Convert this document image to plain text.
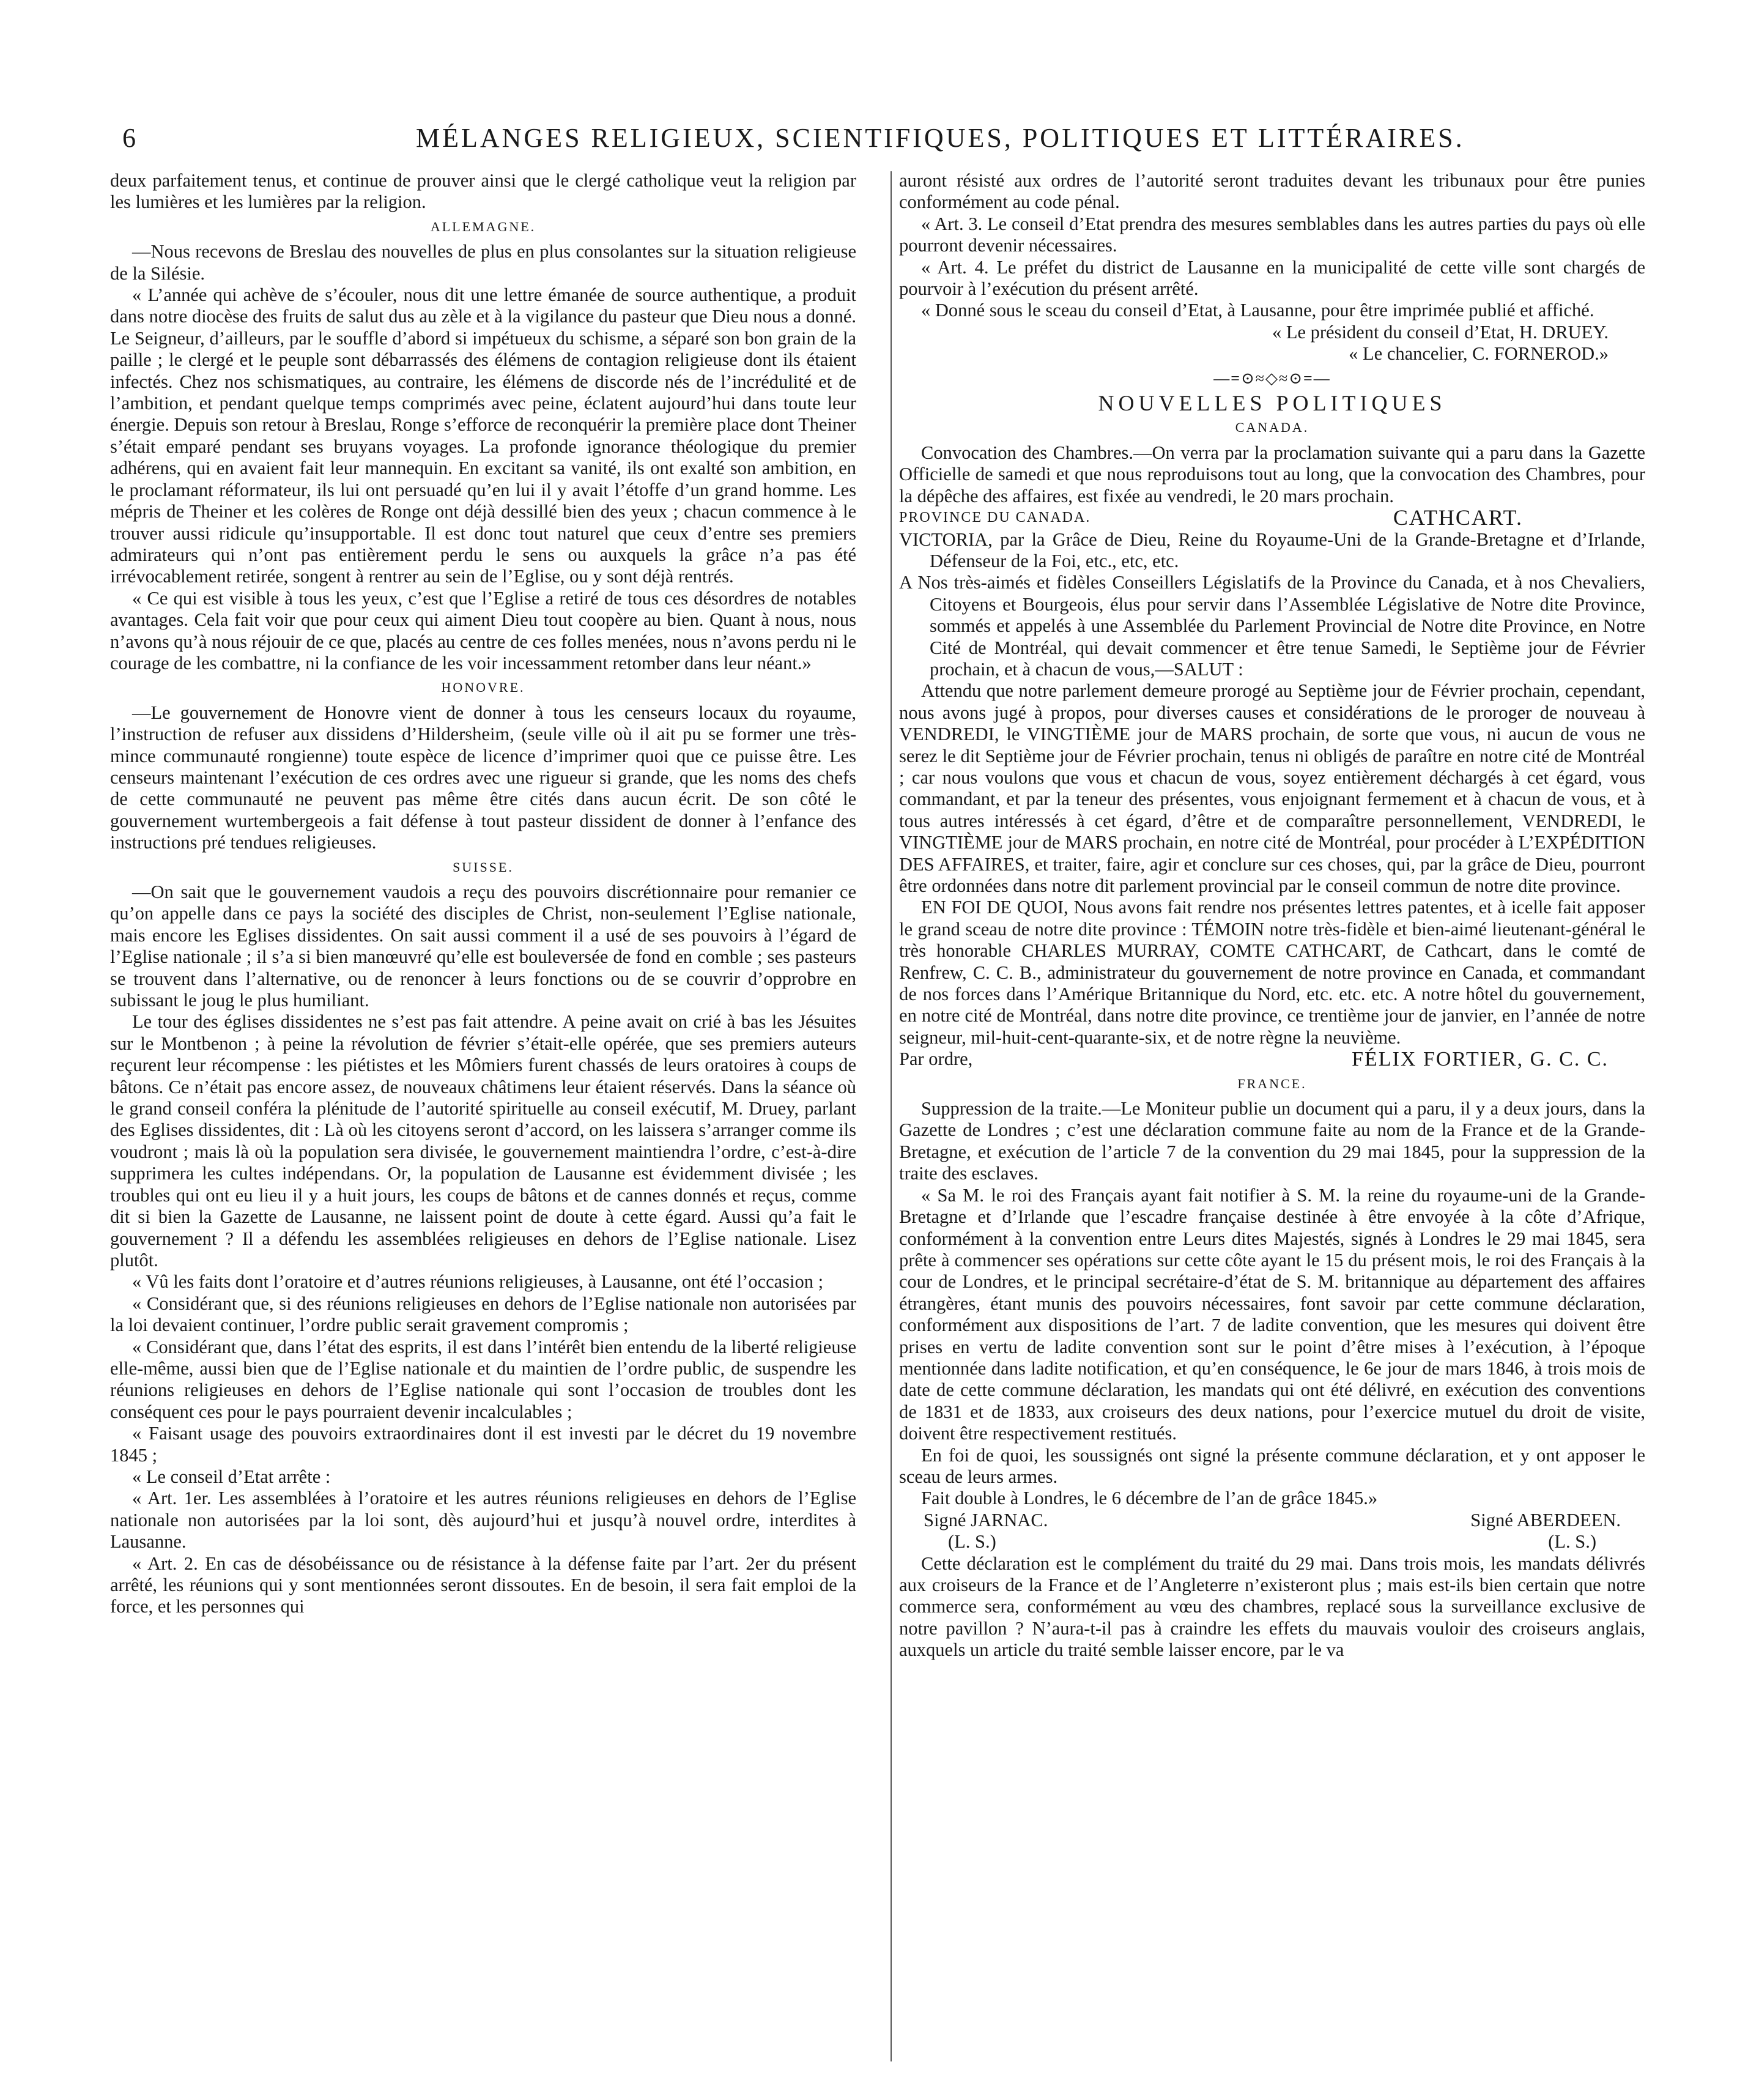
6	MÉLANGES RELIGIEUX, SCIENTIFIQUES, POLITIQUES ET LITTÉRAIRES.

deux parfaitement tenus, et continue de prouver ainsi que le clergé catholique veut la religion par les lumières et les lumières par la religion.

ALLEMAGNE.

—Nous recevons de Breslau des nouvelles de plus en plus consolantes sur la situation religieuse de la Silésie.

« L’année qui achève de s’écouler, nous dit une lettre émanée de source authentique, a produit dans notre diocèse des fruits de salut dus au zèle et à la vigilance du pasteur que Dieu nous a donné. Le Seigneur, d’ailleurs, par le souffle d’abord si impétueux du schisme, a séparé son bon grain de la paille ; le clergé et le peuple sont débarrassés des élémens de contagion religieuse dont ils étaient infectés. Chez nos schismatiques, au contraire, les élémens de discorde nés de l’incrédulité et de l’ambition, et pendant quelque temps comprimés avec peine, éclatent aujourd’hui dans toute leur énergie. Depuis son retour à Breslau, Ronge s’efforce de reconquérir la première place dont Theiner s’était emparé pendant ses bruyans voyages. La profonde ignorance théologique du premier adhérens, qui en avaient fait leur mannequin. En excitant sa vanité, ils ont exalté son ambition, en le proclamant réformateur, ils lui ont persuadé qu’en lui il y avait l’étoffe d’un grand homme. Les mépris de Theiner et les colères de Ronge ont déjà dessillé bien des yeux ; chacun commence à le trouver aussi ridicule qu’insupportable. Il est donc tout naturel que ceux d’entre ses premiers admirateurs qui n’ont pas entièrement perdu le sens ou auxquels la grâce n’a pas été irrévocablement retirée, songent à rentrer au sein de l’Eglise, ou y sont déjà rentrés.

« Ce qui est visible à tous les yeux, c’est que l’Eglise a retiré de tous ces désordres de notables avantages. Cela fait voir que pour ceux qui aiment Dieu tout coopère au bien. Quant à nous, nous n’avons qu’à nous réjouir de ce que, placés au centre de ces folles menées, nous n’avons perdu ni le courage de les combattre, ni la confiance de les voir incessamment retomber dans leur néant.»

HONOVRE.

—Le gouvernement de Honovre vient de donner à tous les censeurs locaux du royaume, l’instruction de refuser aux dissidens d’Hildersheim, (seule ville où il ait pu se former une très-mince communauté rongienne) toute espèce de licence d’imprimer quoi que ce puisse être. Les censeurs maintenant l’exécution de ces ordres avec une rigueur si grande, que les noms des chefs de cette communauté ne peuvent pas même être cités dans aucun écrit. De son côté le gouvernement wurtembergeois a fait défense à tout pasteur dissident de donner à l’enfance des instructions pré tendues religieuses.

SUISSE.

—On sait que le gouvernement vaudois a reçu des pouvoirs discrétionnaire pour remanier ce qu’on appelle dans ce pays la société des disciples de Christ, non-seulement l’Eglise nationale, mais encore les Eglises dissidentes. On sait aussi comment il a usé de ses pouvoirs à l’égard de l’Eglise nationale ; il s’a si bien manœuvré qu’elle est bouleversée de fond en comble ; ses pasteurs se trouvent dans l’alternative, ou de renoncer à leurs fonctions ou de se couvrir d’opprobre en subissant le joug le plus humiliant.

Le tour des églises dissidentes ne s’est pas fait attendre. A peine avait on crié à bas les Jésuites sur le Montbenon ; à peine la révolution de février s’était-elle opérée, que ses premiers auteurs reçurent leur récompense : les piétistes et les Mômiers furent chassés de leurs oratoires à coups de bâtons. Ce n’était pas encore assez, de nouveaux châtimens leur étaient réservés. Dans la séance où le grand conseil conféra la plénitude de l’autorité spirituelle au conseil exécutif, M. Druey, parlant des Eglises dissidentes, dit : Là où les citoyens seront d’accord, on les laissera s’arranger comme ils voudront ; mais là où la population sera divisée, le gouvernement maintiendra l’ordre, c’est-à-dire supprimera les cultes indépendans. Or, la population de Lausanne est évidemment divisée ; les troubles qui ont eu lieu il y a huit jours, les coups de bâtons et de cannes donnés et reçus, comme dit si bien la Gazette de Lausanne, ne laissent point de doute à cette égard. Aussi qu’a fait le gouvernement ? Il a défendu les assemblées religieuses en dehors de l’Eglise nationale. Lisez plutôt.

« Vû les faits dont l’oratoire et d’autres réunions religieuses, à Lausanne, ont été l’occasion ;

« Considérant que, si des réunions religieuses en dehors de l’Eglise nationale non autorisées par la loi devaient continuer, l’ordre public serait gravement compromis ;

« Considérant que, dans l’état des esprits, il est dans l’intérêt bien entendu de la liberté religieuse elle-même, aussi bien que de l’Eglise nationale et du maintien de l’ordre public, de suspendre les réunions religieuses en dehors de l’Eglise nationale qui sont l’occasion de troubles dont les conséquent ces pour le pays pourraient devenir incalculables ;

« Faisant usage des pouvoirs extraordinaires dont il est investi par le décret du 19 novembre 1845 ;

« Le conseil d’Etat arrête :

« Art. 1er. Les assemblées à l’oratoire et les autres réunions religieuses en dehors de l’Eglise nationale non autorisées par la loi sont, dès aujourd’hui et jusqu’à nouvel ordre, interdites à Lausanne.

« Art. 2. En cas de désobéissance ou de résistance à la défense faite par l’art. 2er du présent arrêté, les réunions qui y sont mentionnées seront dissoutes. En de besoin, il sera fait emploi de la force, et les personnes qui

auront résisté aux ordres de l’autorité seront traduites devant les tribunaux pour être punies conformément au code pénal.

« Art. 3. Le conseil d’Etat prendra des mesures semblables dans les autres parties du pays où elle pourront devenir nécessaires.

« Art. 4. Le préfet du district de Lausanne en la municipalité de cette ville sont chargés de pourvoir à l’exécution du présent arrêté.

« Donné sous le sceau du conseil d’Etat, à Lausanne, pour être imprimée publié et affiché.

« Le président du conseil d’Etat, H. DRUEY.

« Le chancelier, C. FORNEROD.»

—=⊙≈◇≈⊙=—
NOUVELLES POLITIQUES
CANADA.

Convocation des Chambres.—On verra par la proclamation suivante qui a paru dans la Gazette Officielle de samedi et que nous reproduisons tout au long, que la convocation des Chambres, pour la dépêche des affaires, est fixée au vendredi, le 20 mars prochain.

PROVINCE DU CANADA.	CATHCART.

VICTORIA, par la Grâce de Dieu, Reine du Royaume-Uni de la Grande-Bretagne et d’Irlande, Défenseur de la Foi, etc., etc, etc.

A Nos très-aimés et fidèles Conseillers Législatifs de la Province du Canada, et à nos Chevaliers, Citoyens et Bourgeois, élus pour servir dans l’Assemblée Législative de Notre dite Province, sommés et appelés à une Assemblée du Parlement Provincial de Notre dite Province, en Notre Cité de Montréal, qui devait commencer et être tenue Samedi, le Septième jour de Février prochain, et à chacun de vous,—SALUT :

Attendu que notre parlement demeure prorogé au Septième jour de Février prochain, cependant, nous avons jugé à propos, pour diverses causes et considérations de le proroger de nouveau à VENDREDI, le VINGTIÈME jour de MARS prochain, de sorte que vous, ni aucun de vous ne serez le dit Septième jour de Février prochain, tenus ni obligés de paraître en notre cité de Montréal ; car nous voulons que vous et chacun de vous, soyez entièrement déchargés à cet égard, vous commandant, et par la teneur des présentes, vous enjoignant fermement et à chacun de vous, et à tous autres intéressés à cet égard, d’être et de comparaître personnellement, VENDREDI, le VINGTIÈME jour de MARS prochain, en notre cité de Montréal, pour procéder à L’EXPÉDITION DES AFFAIRES, et traiter, faire, agir et conclure sur ces choses, qui, par la grâce de Dieu, pourront être ordonnées dans notre dit parlement provincial par le conseil commun de notre dite province.

EN FOI DE QUOI, Nous avons fait rendre nos présentes lettres patentes, et à icelle fait apposer le grand sceau de notre dite province : TÉMOIN notre très-fidèle et bien-aimé lieutenant-général le très honorable CHARLES MURRAY, COMTE CATHCART, de Cathcart, dans le comté de Renfrew, C. C. B., administrateur du gouvernement de notre province en Canada, et commandant de nos forces dans l’Amérique Britannique du Nord, etc. etc. etc. A notre hôtel du gouvernement, en notre cité de Montréal, dans notre dite province, ce trentième jour de janvier, en l’année de notre seigneur, mil-huit-cent-quarante-six, et de notre règne la neuvième.

Par ordre,	FÉLIX FORTIER, G. C. C.
FRANCE.

Suppression de la traite.—Le Moniteur publie un document qui a paru, il y a deux jours, dans la Gazette de Londres ; c’est une déclaration commune faite au nom de la France et de la Grande-Bretagne, et exécution de l’article 7 de la convention du 29 mai 1845, pour la suppression de la traite des esclaves.

« Sa M. le roi des Français ayant fait notifier à S. M. la reine du royaume-uni de la Grande-Bretagne et d’Irlande que l’escadre française destinée à être envoyée à la côte d’Afrique, conformément à la convention entre Leurs dites Majestés, signés à Londres le 29 mai 1845, sera prête à commencer ses opérations sur cette côte ayant le 15 du présent mois, le roi des Français à la cour de Londres, et le principal secrétaire-d’état de S. M. britannique au département des affaires étrangères, étant munis des pouvoirs nécessaires, font savoir par cette commune déclaration, conformément aux dispositions de l’art. 7 de ladite convention, que les mesures qui doivent être prises en vertu de ladite convention sont sur le point d’être mises à l’exécution, à l’époque mentionnée dans ladite notification, et qu’en conséquence, le 6e jour de mars 1846, à trois mois de date de cette commune déclaration, les mandats qui ont été délivré, en exécution des conventions de 1831 et de 1833, aux croiseurs des deux nations, pour l’exercice mutuel du droit de visite, doivent être respectivement restitués.

En foi de quoi, les soussignés ont signé la présente commune déclaration, et y ont apposer le sceau de leurs armes.

Fait double à Londres, le 6 décembre de l’an de grâce 1845.»

Signé JARNAC.	Signé ABERDEEN.
(L. S.)	(L. S.)

Cette déclaration est le complément du traité du 29 mai. Dans trois mois, les mandats délivrés aux croiseurs de la France et de l’Angleterre n’existeront plus ; mais est-ils bien certain que notre commerce sera, conformément au vœu des chambres, replacé sous la surveillance exclusive de notre pavillon ? N’aura-t-il pas à craindre les effets du mauvais vouloir des croiseurs anglais, auxquels un article du traité semble laisser encore, par le va
